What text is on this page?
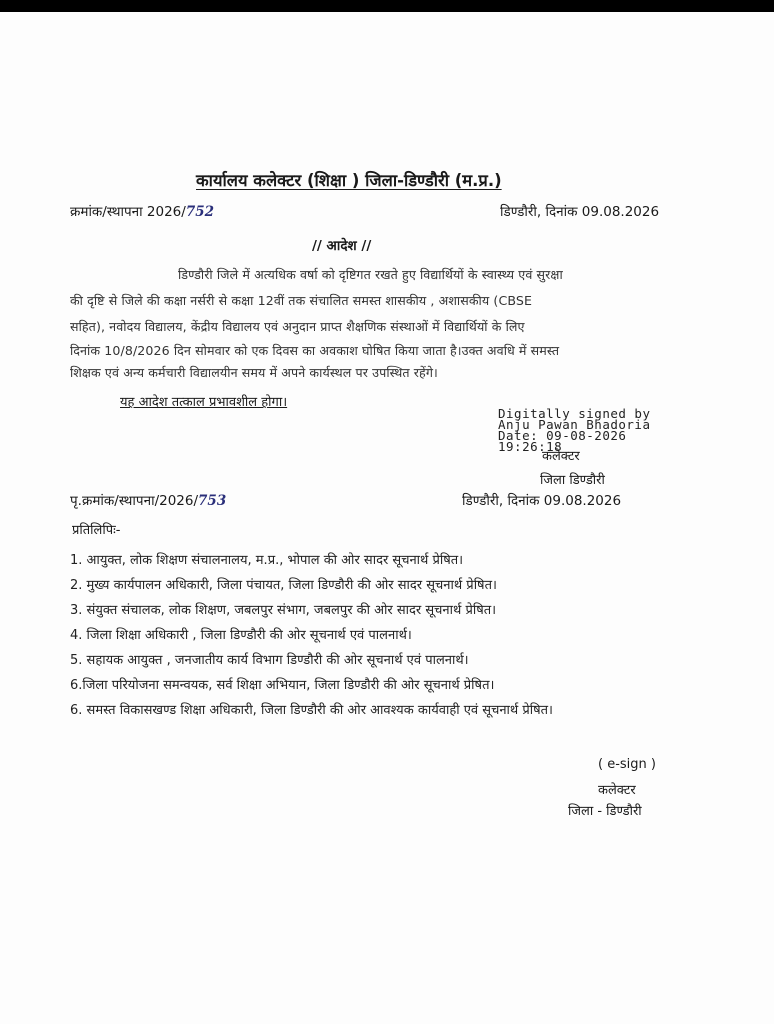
कार्यालय कलेक्टर (शिक्षा ) जिला-डिण्डौरी (म.प्र.)
क्रमांक/स्थापना 2026/752	डिण्डौरी, दिनांक 09.08.2026
// आदेश //
डिण्डौरी जिले में अत्यधिक वर्षा को दृष्टिगत रखते हुए विद्यार्थियों के स्वास्थ्य एवं सुरक्षा
की दृष्टि से जिले की कक्षा नर्सरी से कक्षा 12वीं तक संचालित समस्त शासकीय , अशासकीय (CBSE
सहित), नवोदय विद्यालय, केंद्रीय विद्यालय एवं अनुदान प्राप्त शैक्षणिक संस्थाओं में विद्यार्थियों के लिए
दिनांक 10/8/2026 दिन सोमवार को एक दिवस का अवकाश घोषित किया जाता है।उक्त अवधि में समस्त
शिक्षक एवं अन्य कर्मचारी विद्यालयीन समय में अपने कार्यस्थल पर उपस्थित रहेंगे।
यह आदेश तत्काल प्रभावशील होगा।
Digitally signed by
Anju Pawan Bhadoria
Date: 09-08-2026
19:26:18
कलेक्टर
जिला डिण्डौरी
पृ.क्रमांक/स्थापना/2026/753	डिण्डौरी, दिनांक 09.08.2026
प्रतिलिपिः-
1. आयुक्त, लोक शिक्षण संचालनालय, म.प्र., भोपाल की ओर सादर सूचनार्थ प्रेषित।
2. मुख्य कार्यपालन अधिकारी, जिला पंचायत, जिला डिण्डौरी की ओर सादर सूचनार्थ प्रेषित।
3. संयुक्त संचालक, लोक शिक्षण, जबलपुर संभाग, जबलपुर की ओर सादर सूचनार्थ प्रेषित।
4. जिला शिक्षा अधिकारी , जिला डिण्डौरी की ओर सूचनार्थ एवं पालनार्थ।
5. सहायक आयुक्त , जनजातीय कार्य विभाग डिण्डौरी की ओर सूचनार्थ एवं पालनार्थ।
6.जिला परियोजना समन्वयक, सर्व शिक्षा अभियान, जिला डिण्डौरी की ओर सूचनार्थ प्रेषित।
6. समस्त विकासखण्ड शिक्षा अधिकारी, जिला डिण्डौरी की ओर आवश्यक कार्यवाही एवं सूचनार्थ प्रेषित।
( e-sign )
कलेक्टर
जिला - डिण्डौरी
